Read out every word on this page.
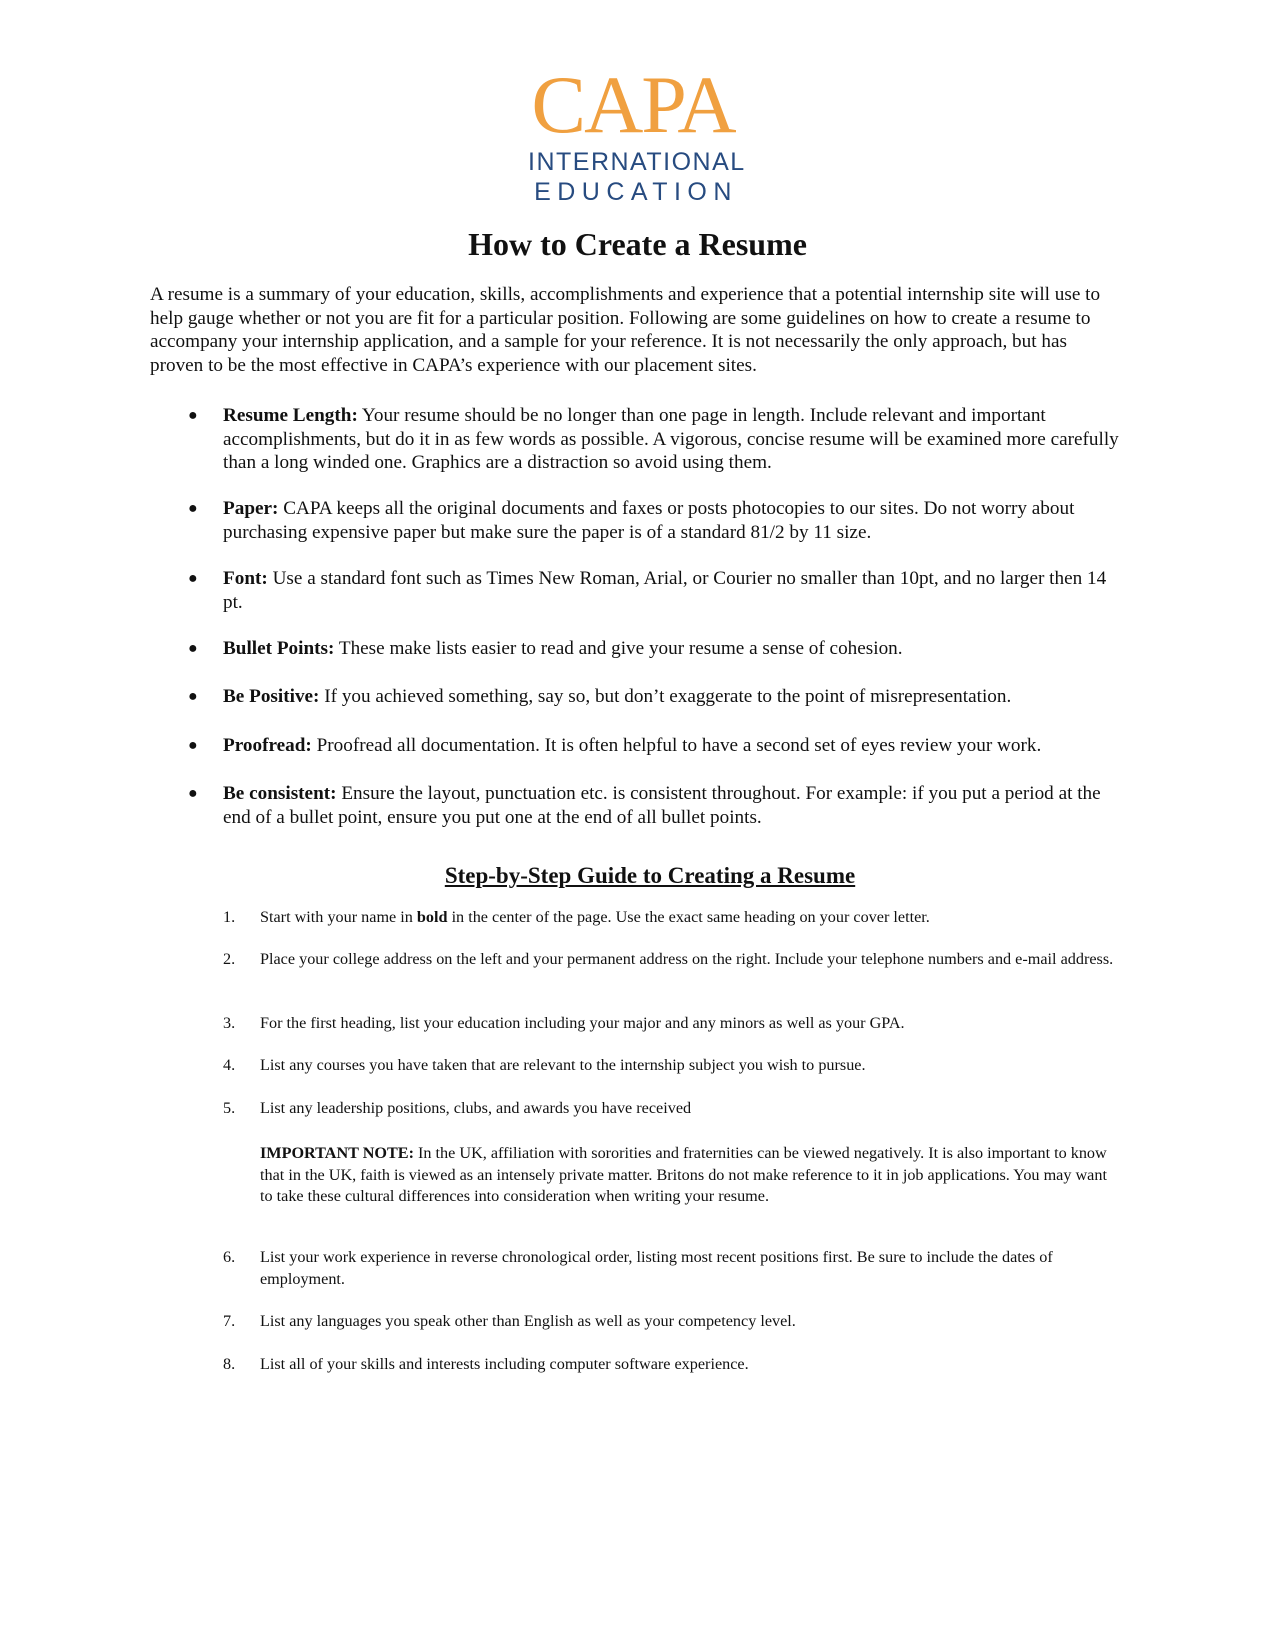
CAPA
INTERNATIONAL
EDUCATION
How to Create a Resume

A resume is a summary of your education, skills, accomplishments and experience that a potential internship site will use to help gauge whether or not you are fit for a particular position. Following are some guidelines on how to create a resume to accompany your internship application, and a sample for your reference. It is not necessarily the only approach, but has proven to be the most effective in CAPA’s experience with our placement sites.

● Resume Length: Your resume should be no longer than one page in length. Include relevant and important accomplishments, but do it in as few words as possible. A vigorous, concise resume will be examined more carefully than a long winded one. Graphics are a distraction so avoid using them.
● Paper: CAPA keeps all the original documents and faxes or posts photocopies to our sites. Do not worry about purchasing expensive paper but make sure the paper is of a standard 81/2 by 11 size.
● Font: Use a standard font such as Times New Roman, Arial, or Courier no smaller than 10pt, and no larger then 14 pt.
● Bullet Points: These make lists easier to read and give your resume a sense of cohesion.
● Be Positive: If you achieved something, say so, but don’t exaggerate to the point of misrepresentation.
● Proofread: Proofread all documentation. It is often helpful to have a second set of eyes review your work.
● Be consistent: Ensure the layout, punctuation etc. is consistent throughout. For example: if you put a period at the end of a bullet point, ensure you put one at the end of all bullet points.
Step-by-Step Guide to Creating a Resume
1. Start with your name in bold in the center of the page. Use the exact same heading on your cover letter.
2. Place your college address on the left and your permanent address on the right. Include your telephone numbers and e-mail address.
3. For the first heading, list your education including your major and any minors as well as your GPA.
4. List any courses you have taken that are relevant to the internship subject you wish to pursue.
5. List any leadership positions, clubs, and awards you have received
6. List your work experience in reverse chronological order, listing most recent positions first. Be sure to include the dates of employment.
7. List any languages you speak other than English as well as your competency level.
8. List all of your skills and interests including computer software experience.

IMPORTANT NOTE: In the UK, affiliation with sororities and fraternities can be viewed negatively. It is also important to know that in the UK, faith is viewed as an intensely private matter. Britons do not make reference to it in job applications. You may want to take these cultural differences into consideration when writing your resume.
